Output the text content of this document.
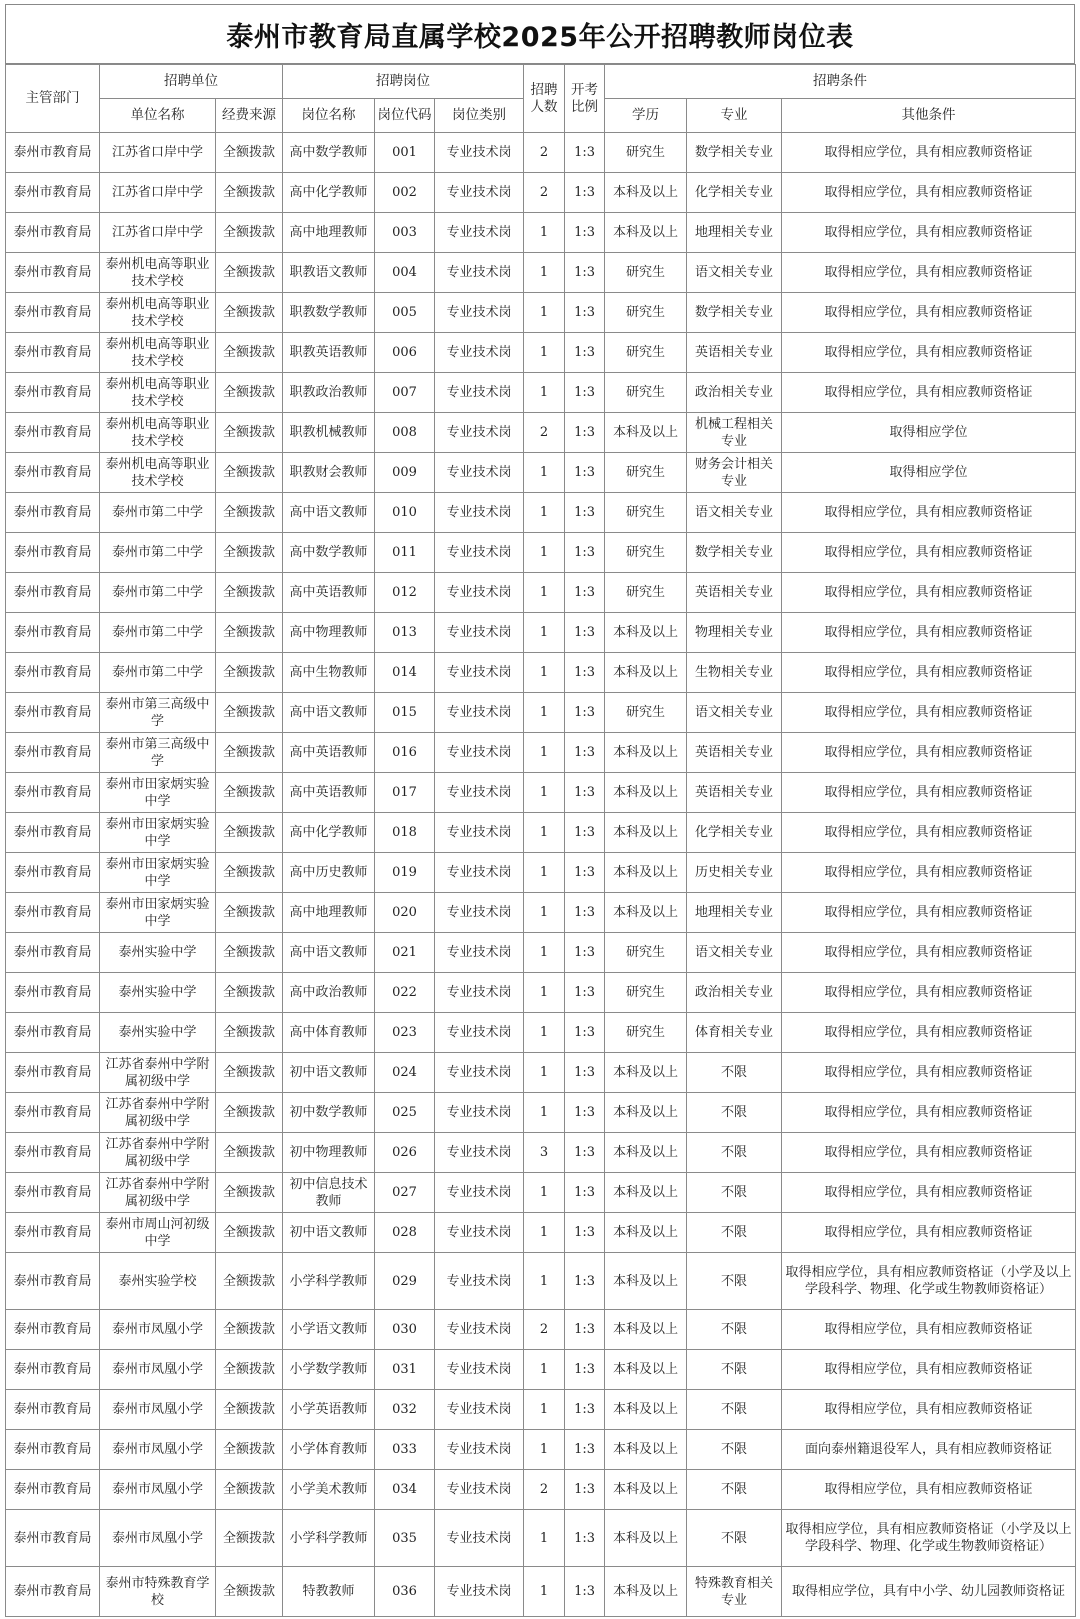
泰州市教育局直属学校2025年公开招聘教师岗位表
主管部门	招聘单位		招聘岗位			招聘人数	开考比例	招聘条件		
	单位名称	经费来源	岗位名称	岗位代码	岗位类别			学历	专业	其他条件
泰州市教育局	江苏省口岸中学	全额拨款	高中数学教师	001	专业技术岗	2	1:3	研究生	数学相关专业	取得相应学位，具有相应教师资格证
泰州市教育局	江苏省口岸中学	全额拨款	高中化学教师	002	专业技术岗	2	1:3	本科及以上	化学相关专业	取得相应学位，具有相应教师资格证
泰州市教育局	江苏省口岸中学	全额拨款	高中地理教师	003	专业技术岗	1	1:3	本科及以上	地理相关专业	取得相应学位，具有相应教师资格证
泰州市教育局	泰州机电高等职业技术学校	全额拨款	职教语文教师	004	专业技术岗	1	1:3	研究生	语文相关专业	取得相应学位，具有相应教师资格证
泰州市教育局	泰州机电高等职业技术学校	全额拨款	职教数学教师	005	专业技术岗	1	1:3	研究生	数学相关专业	取得相应学位，具有相应教师资格证
泰州市教育局	泰州机电高等职业技术学校	全额拨款	职教英语教师	006	专业技术岗	1	1:3	研究生	英语相关专业	取得相应学位，具有相应教师资格证
泰州市教育局	泰州机电高等职业技术学校	全额拨款	职教政治教师	007	专业技术岗	1	1:3	研究生	政治相关专业	取得相应学位，具有相应教师资格证
泰州市教育局	泰州机电高等职业技术学校	全额拨款	职教机械教师	008	专业技术岗	2	1:3	本科及以上	机械工程相关专业	取得相应学位
泰州市教育局	泰州机电高等职业技术学校	全额拨款	职教财会教师	009	专业技术岗	1	1:3	研究生	财务会计相关专业	取得相应学位
泰州市教育局	泰州市第二中学	全额拨款	高中语文教师	010	专业技术岗	1	1:3	研究生	语文相关专业	取得相应学位，具有相应教师资格证
泰州市教育局	泰州市第二中学	全额拨款	高中数学教师	011	专业技术岗	1	1:3	研究生	数学相关专业	取得相应学位，具有相应教师资格证
泰州市教育局	泰州市第二中学	全额拨款	高中英语教师	012	专业技术岗	1	1:3	研究生	英语相关专业	取得相应学位，具有相应教师资格证
泰州市教育局	泰州市第二中学	全额拨款	高中物理教师	013	专业技术岗	1	1:3	本科及以上	物理相关专业	取得相应学位，具有相应教师资格证
泰州市教育局	泰州市第二中学	全额拨款	高中生物教师	014	专业技术岗	1	1:3	本科及以上	生物相关专业	取得相应学位，具有相应教师资格证
泰州市教育局	泰州市第三高级中学	全额拨款	高中语文教师	015	专业技术岗	1	1:3	研究生	语文相关专业	取得相应学位，具有相应教师资格证
泰州市教育局	泰州市第三高级中学	全额拨款	高中英语教师	016	专业技术岗	1	1:3	本科及以上	英语相关专业	取得相应学位，具有相应教师资格证
泰州市教育局	泰州市田家炳实验中学	全额拨款	高中英语教师	017	专业技术岗	1	1:3	本科及以上	英语相关专业	取得相应学位，具有相应教师资格证
泰州市教育局	泰州市田家炳实验中学	全额拨款	高中化学教师	018	专业技术岗	1	1:3	本科及以上	化学相关专业	取得相应学位，具有相应教师资格证
泰州市教育局	泰州市田家炳实验中学	全额拨款	高中历史教师	019	专业技术岗	1	1:3	本科及以上	历史相关专业	取得相应学位，具有相应教师资格证
泰州市教育局	泰州市田家炳实验中学	全额拨款	高中地理教师	020	专业技术岗	1	1:3	本科及以上	地理相关专业	取得相应学位，具有相应教师资格证
泰州市教育局	泰州实验中学	全额拨款	高中语文教师	021	专业技术岗	1	1:3	研究生	语文相关专业	取得相应学位，具有相应教师资格证
泰州市教育局	泰州实验中学	全额拨款	高中政治教师	022	专业技术岗	1	1:3	研究生	政治相关专业	取得相应学位，具有相应教师资格证
泰州市教育局	泰州实验中学	全额拨款	高中体育教师	023	专业技术岗	1	1:3	研究生	体育相关专业	取得相应学位，具有相应教师资格证
泰州市教育局	江苏省泰州中学附属初级中学	全额拨款	初中语文教师	024	专业技术岗	1	1:3	本科及以上	不限	取得相应学位，具有相应教师资格证
泰州市教育局	江苏省泰州中学附属初级中学	全额拨款	初中数学教师	025	专业技术岗	1	1:3	本科及以上	不限	取得相应学位，具有相应教师资格证
泰州市教育局	江苏省泰州中学附属初级中学	全额拨款	初中物理教师	026	专业技术岗	3	1:3	本科及以上	不限	取得相应学位，具有相应教师资格证
泰州市教育局	江苏省泰州中学附属初级中学	全额拨款	初中信息技术教师	027	专业技术岗	1	1:3	本科及以上	不限	取得相应学位，具有相应教师资格证
泰州市教育局	泰州市周山河初级中学	全额拨款	初中语文教师	028	专业技术岗	1	1:3	本科及以上	不限	取得相应学位，具有相应教师资格证
泰州市教育局	泰州实验学校	全额拨款	小学科学教师	029	专业技术岗	1	1:3	本科及以上	不限	取得相应学位，具有相应教师资格证（小学及以上学段科学、物理、化学或生物教师资格证）
泰州市教育局	泰州市凤凰小学	全额拨款	小学语文教师	030	专业技术岗	2	1:3	本科及以上	不限	取得相应学位，具有相应教师资格证
泰州市教育局	泰州市凤凰小学	全额拨款	小学数学教师	031	专业技术岗	1	1:3	本科及以上	不限	取得相应学位，具有相应教师资格证
泰州市教育局	泰州市凤凰小学	全额拨款	小学英语教师	032	专业技术岗	1	1:3	本科及以上	不限	取得相应学位，具有相应教师资格证
泰州市教育局	泰州市凤凰小学	全额拨款	小学体育教师	033	专业技术岗	1	1:3	本科及以上	不限	面向泰州籍退役军人，具有相应教师资格证
泰州市教育局	泰州市凤凰小学	全额拨款	小学美术教师	034	专业技术岗	2	1:3	本科及以上	不限	取得相应学位，具有相应教师资格证
泰州市教育局	泰州市凤凰小学	全额拨款	小学科学教师	035	专业技术岗	1	1:3	本科及以上	不限	取得相应学位，具有相应教师资格证（小学及以上学段科学、物理、化学或生物教师资格证）
泰州市教育局	泰州市特殊教育学校	全额拨款	特教教师	036	专业技术岗	1	1:3	本科及以上	特殊教育相关专业	取得相应学位，具有中小学、幼儿园教师资格证
